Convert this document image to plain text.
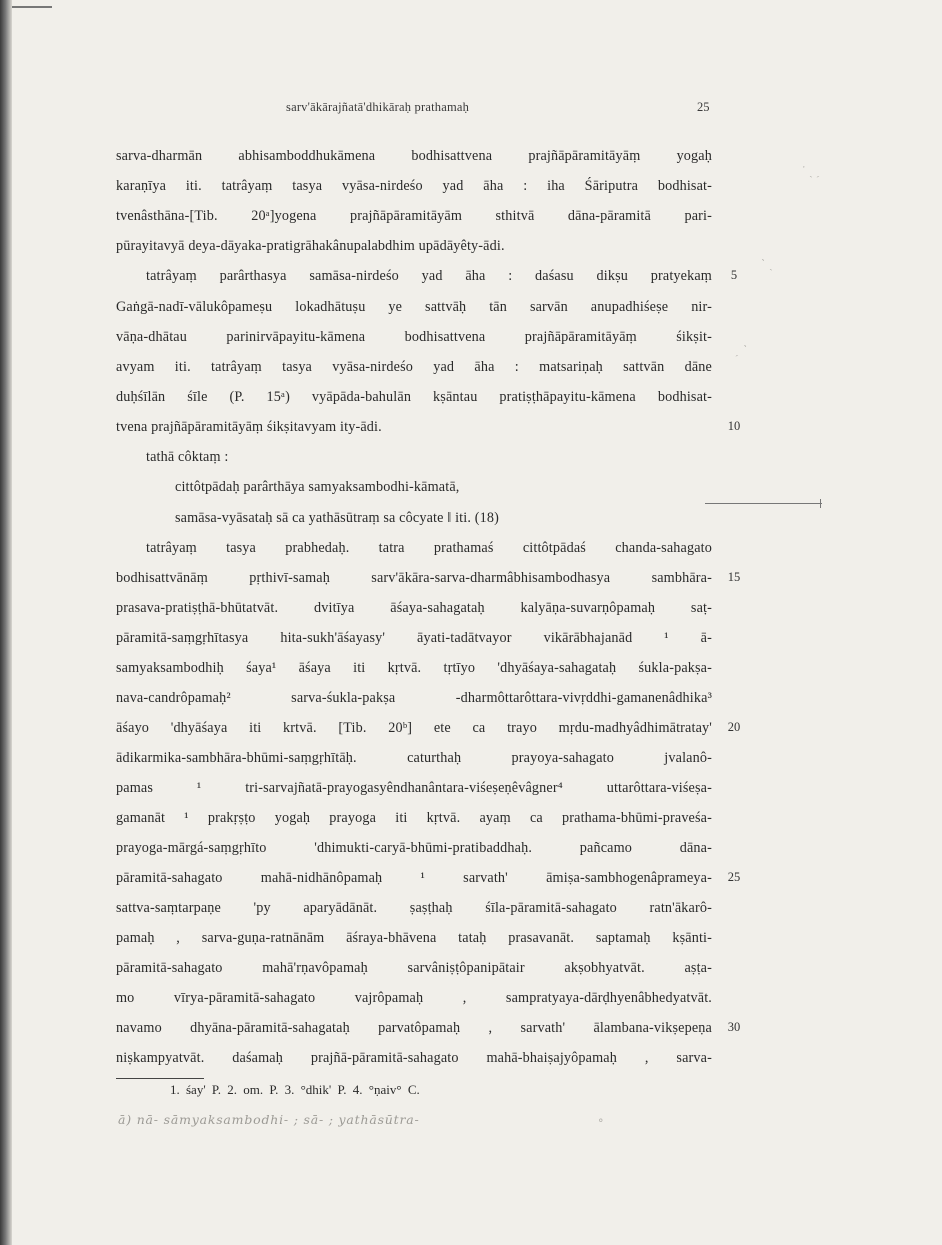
sarv'ākārajñatā'dhikāraḥ prathamaḥ	25
sarva-dharmān abhisamboddhukāmena bodhisattvena prajñāpāramitāyāṃ yogaḥ
karaṇīya iti. tatrâyaṃ tasya vyāsa-nirdeśo yad āha : iha Śāriputra bodhisat-
tvenâsthāna-[Tib. 20ᵃ]yogena prajñāpāramitāyām sthitvā dāna-pāramitā pari-
pūrayitavyā deya-dāyaka-pratigrāhakânupalabdhim upādāyêty-ādi.
tatrâyaṃ parârthasya samāsa-nirdeśo yad āha : daśasu dikṣu pratyekaṃ	5
Gaṅgā-nadī-vālukôpameṣu lokadhātuṣu ye sattvāḥ tān sarvān anupadhiśeṣe nir-
vāṇa-dhātau parinirvāpayitu-kāmena bodhisattvena prajñāpāramitāyāṃ śikṣit-
avyam iti. tatrâyaṃ tasya vyāsa-nirdeśo yad āha : matsariṇaḥ sattvān dāne
duḥśīlān śīle (P. 15ᵃ) vyāpāda-bahulān kṣāntau pratiṣṭhāpayitu-kāmena bodhisat-
tvena prajñāpāramitāyāṃ śikṣitavyam ity-ādi.	10
tathā côktaṃ :
cittôtpādaḥ parârthāya samyaksambodhi-kāmatā,
samāsa-vyāsataḥ sā ca yathāsūtraṃ sa côcyate ‖ iti. (18)
tatrâyaṃ tasya prabhedaḥ. tatra prathamaś cittôtpādaś chanda-sahagato
bodhisattvānāṃ pṛthivī-samaḥ sarv'ākāra-sarva-dharmâbhisambodhasya sambhāra-	15
prasava-pratiṣṭhā-bhūtatvāt. dvitīya āśaya-sahagataḥ kalyāṇa-suvarṇôpamaḥ saṭ-
pāramitā-saṃgṛhītasya hita-sukh'āśayasy' āyati-tadātvayor vikārābhajanād ¹ ā-
samyaksambodhiḥ śaya¹ āśaya iti kṛtvā. tṛtīyo 'dhyāśaya-sahagataḥ śukla-pakṣa-
nava-candrôpamaḥ² sarva-śukla-pakṣa -dharmôttarôttara-vivṛddhi-gamanenâdhika³
āśayo 'dhyāśaya iti krtvā. [Tib. 20ᵇ] ete ca trayo mṛdu-madhyâdhimātratay'	20
ādikarmika-sambhāra-bhūmi-saṃgṛhītāḥ. caturthaḥ prayoya-sahagato jvalanô-
pamas ¹ tri-sarvajñatā-prayogasyêndhanântara-viśeṣeṇêvâgner⁴ uttarôttara-viśeṣa-
gamanāt ¹ prakṛṣṭo yogaḥ prayoga iti kṛtvā. ayaṃ ca prathama-bhūmi-praveśa-
prayoga-mārgá-saṃgṛhīto 'dhimukti-caryā-bhūmi-pratibaddhaḥ. pañcamo dāna-
pāramitā-sahagato mahā-nidhānôpamaḥ ¹ sarvath' āmiṣa-sambhogenâprameya-	25
sattva-saṃtarpaṇe 'py aparyādānāt. ṣaṣṭhaḥ śīla-pāramitā-sahagato ratn'ākarô-
pamaḥ , sarva-guṇa-ratnānām āśraya-bhāvena tataḥ prasavanāt. saptamaḥ kṣānti-
pāramitā-sahagato mahā'rṇavôpamaḥ sarvâniṣṭôpanipātair akṣobhyatvāt. aṣṭa-
mo vīrya-pāramitā-sahagato vajrôpamaḥ , sampratyaya-dārḍhyenâbhedyatvāt.
navamo dhyāna-pāramitā-sahagataḥ parvatôpamaḥ , sarvath' ālambana-vikṣepeṇa	30
niṣkampyatvāt. daśamaḥ prajñā-pāramitā-sahagato mahā-bhaiṣajyôpamaḥ , sarva-
1. śay' P. 2. om. P. 3. °dhik' P. 4. °ṇaiv° C.
ā) nā- sāmyaksambodhi- ; sā- ; yathāsūtra-
˙ ˎ ˏ
ˋ ˎ
ˏ ˋ
°
